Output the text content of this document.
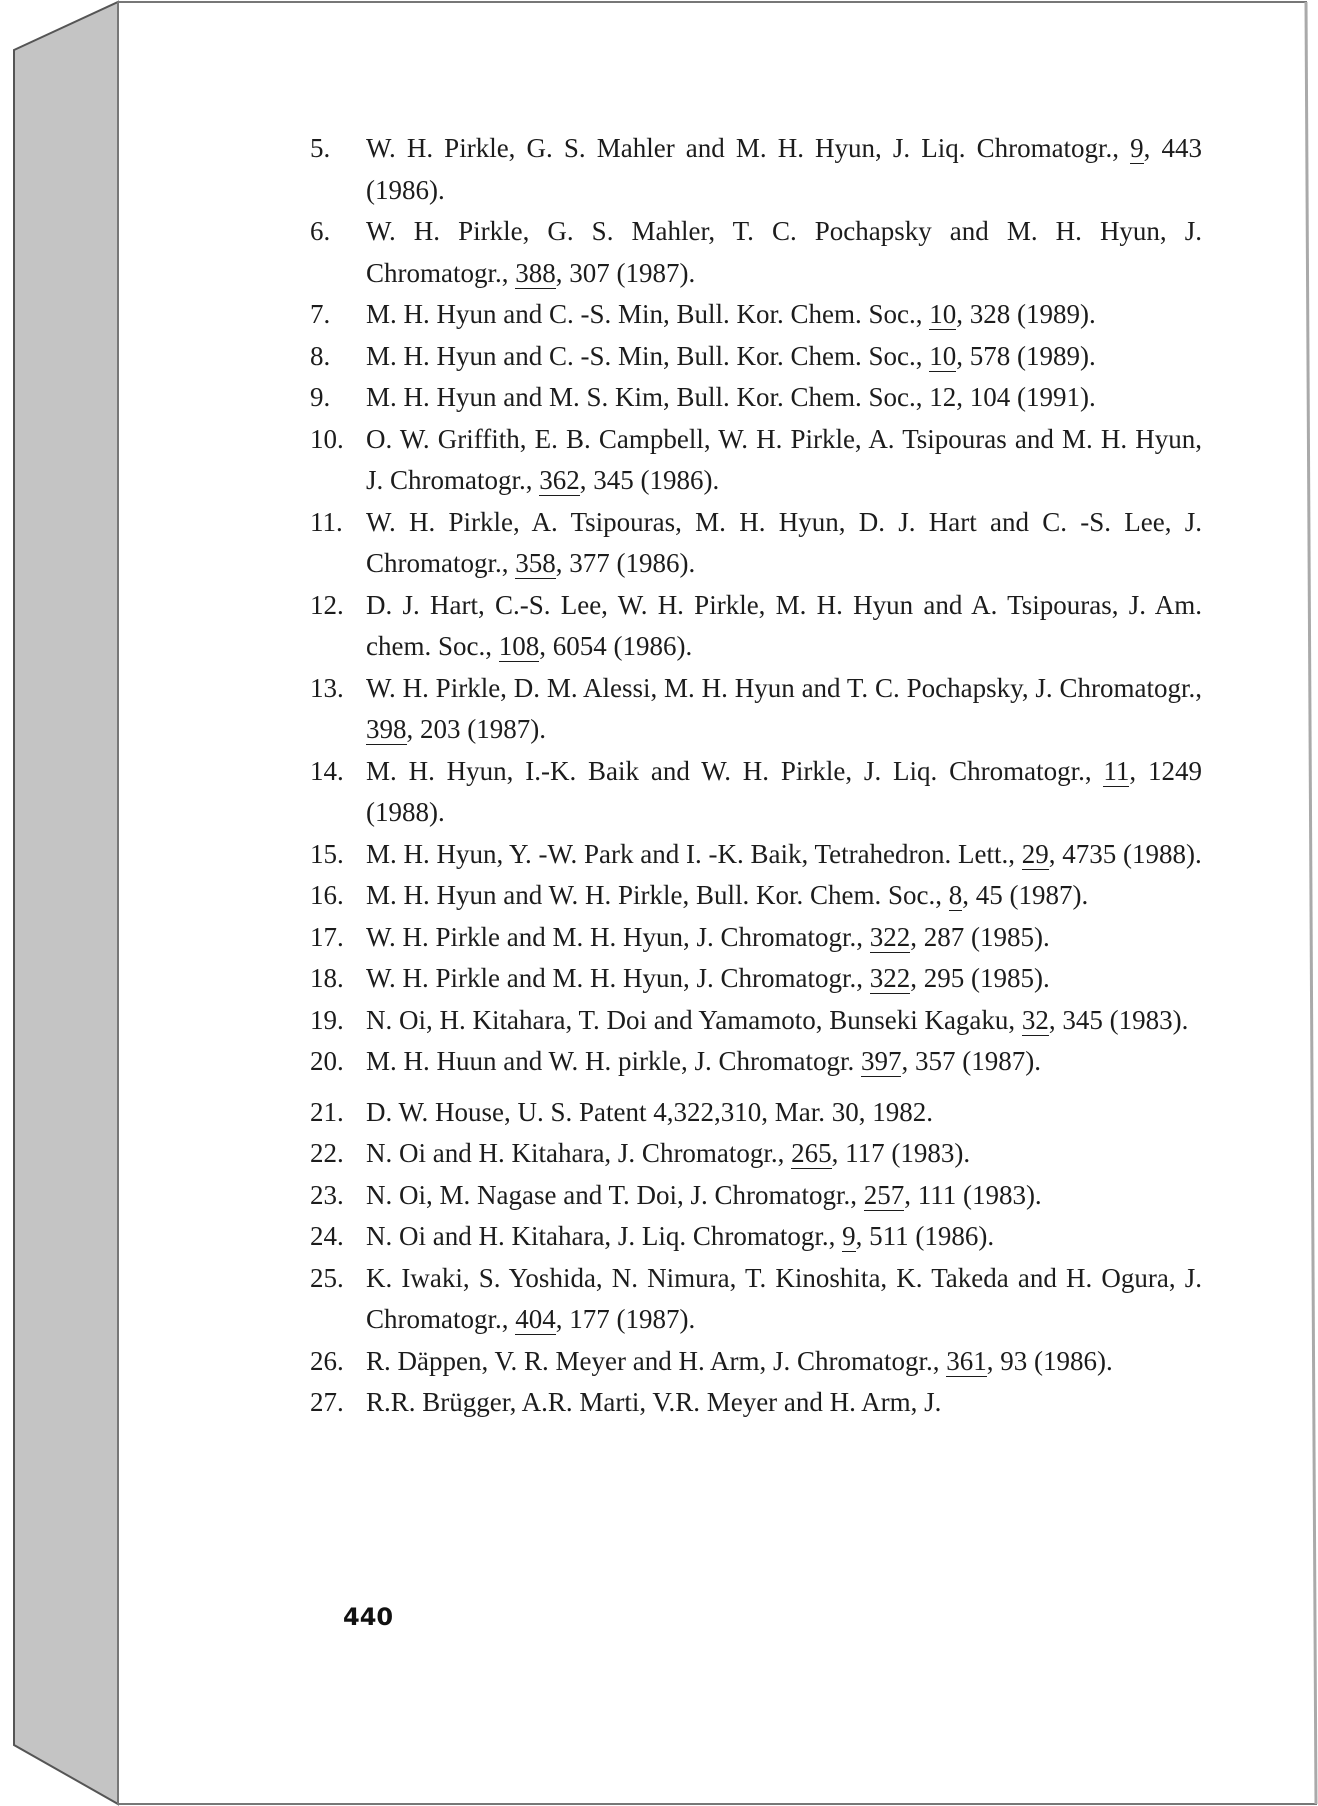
5.	W. H. Pirkle, G. S. Mahler and M. H. Hyun, J. Liq. Chromatogr., 9, 443 (1986).
6.	W. H. Pirkle, G. S. Mahler, T. C. Pochapsky and M. H. Hyun, J. Chromatogr., 388, 307 (1987).
7.	M. H. Hyun and C. -S. Min, Bull. Kor. Chem. Soc., 10, 328 (1989).
8.	M. H. Hyun and C. -S. Min, Bull. Kor. Chem. Soc., 10, 578 (1989).
9.	M. H. Hyun and M. S. Kim, Bull. Kor. Chem. Soc., 12, 104 (1991).
10. O. W. Griffith, E. B. Campbell, W. H. Pirkle, A. Tsipouras and M. H. Hyun, J. Chromatogr., 362, 345 (1986).
11. W. H. Pirkle, A. Tsipouras, M. H. Hyun, D. J. Hart and C. -S. Lee, J. Chromatogr., 358, 377 (1986).
12. D. J. Hart, C.-S. Lee, W. H. Pirkle, M. H. Hyun and A. Tsipouras, J. Am. chem. Soc., 108, 6054 (1986).
13. W. H. Pirkle, D. M. Alessi, M. H. Hyun and T. C. Pochapsky, J. Chromatogr., 398, 203 (1987).
14. M. H. Hyun, I.-K. Baik and W. H. Pirkle, J. Liq. Chromatogr., 11, 1249 (1988).
15. M. H. Hyun, Y. -W. Park and I. -K. Baik, Tetrahedron. Lett., 29, 4735 (1988).
16. M. H. Hyun and W. H. Pirkle, Bull. Kor. Chem. Soc., 8, 45 (1987).
17. W. H. Pirkle and M. H. Hyun, J. Chromatogr., 322, 287 (1985).
18. W. H. Pirkle and M. H. Hyun, J. Chromatogr., 322, 295 (1985).
19. N. Oi, H. Kitahara, T. Doi and Yamamoto, Bunseki Kagaku, 32, 345 (1983).
20. M. H. Huun and W. H. pirkle, J. Chromatogr. 397, 357 (1987).
21. D. W. House, U. S. Patent 4,322,310, Mar. 30, 1982.
22. N. Oi and H. Kitahara, J. Chromatogr., 265, 117 (1983).
23. N. Oi, M. Nagase and T. Doi, J. Chromatogr., 257, 111 (1983).
24. N. Oi and H. Kitahara, J. Liq. Chromatogr., 9, 511 (1986).
25. K. Iwaki, S. Yoshida, N. Nimura, T. Kinoshita, K. Takeda and H. Ogura, J. Chromatogr., 404, 177 (1987).
26. R. Däppen, V. R. Meyer and H. Arm, J. Chromatogr., 361, 93 (1986).
27. R.R. Brügger, A.R. Marti, V.R. Meyer and H. Arm, J.
440
